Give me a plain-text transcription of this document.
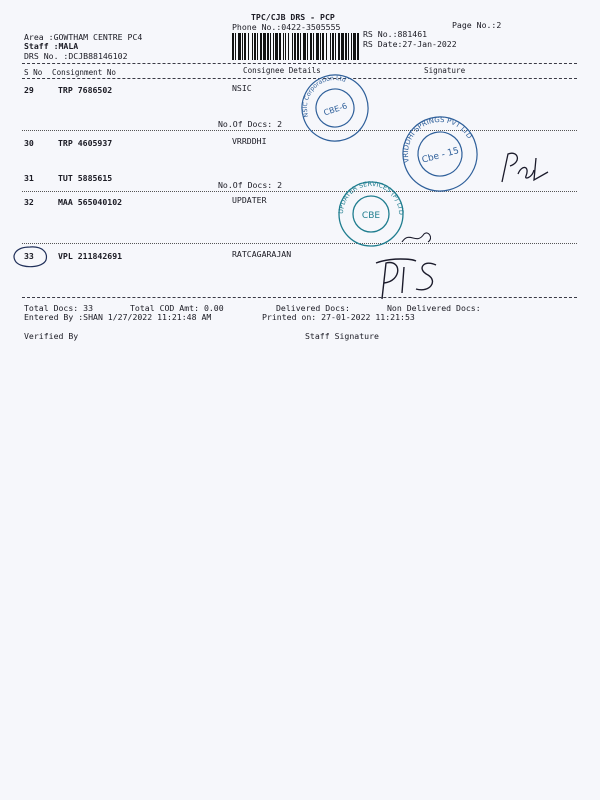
TPC/CJB DRS - PCP
Phone No.:0422-3505555	Page No.:2
Area :GOWTHAM CENTRE PC4
Staff :MALA
DRS No. :DCJB88146102
RS No.:881461
RS Date:27-Jan-2022
S No Consignment No	Consignee Details	Signature
29	TRP 7686502	NSIC
No.Of Docs: 2
30	TRP 4605937	VRRDDHI
31	TUT 5885615
No.Of Docs: 2
32	MAA 565040102	UPDATER
33	VPL 211842691	RATCAGARAJAN
Total Docs: 33	Total COD Amt: 0.00	Delivered Docs:	Non Delivered Docs:
Entered By :SHAN 1/27/2022 11:21:48 AM	Printed on: 27-01-2022 11:21:53
Verified By	Staff Signature
CBE-6
NSIC Corporation Ltd
Cbe - 15
VRIDDHI SPRINGS PVT LTD
CBE
UPDATER SERVICES (P) LTD
